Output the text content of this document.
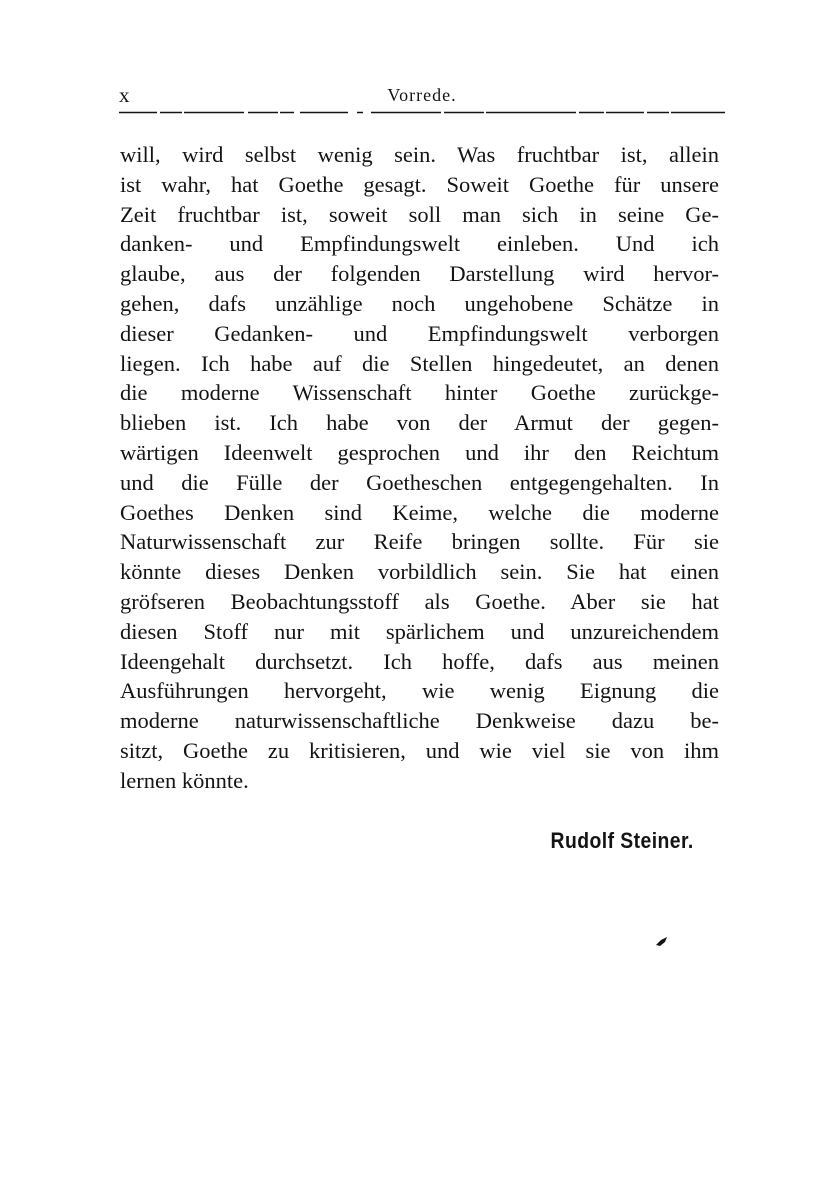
x	Vorrede.
will, wird selbst wenig sein. Was fruchtbar ist, allein
ist wahr, hat Goethe gesagt. Soweit Goethe für unsere
Zeit fruchtbar ist, soweit soll man sich in seine Ge-
danken- und Empfindungswelt einleben. Und ich
glaube, aus der folgenden Darstellung wird hervor-
gehen, dafs unzählige noch ungehobene Schätze in
dieser Gedanken- und Empfindungswelt verborgen
liegen. Ich habe auf die Stellen hingedeutet, an denen
die moderne Wissenschaft hinter Goethe zurückge-
blieben ist. Ich habe von der Armut der gegen-
wärtigen Ideenwelt gesprochen und ihr den Reichtum
und die Fülle der Goetheschen entgegengehalten. In
Goethes Denken sind Keime, welche die moderne
Naturwissenschaft zur Reife bringen sollte. Für sie
könnte dieses Denken vorbildlich sein. Sie hat einen
gröfseren Beobachtungsstoff als Goethe. Aber sie hat
diesen Stoff nur mit spärlichem und unzureichendem
Ideengehalt durchsetzt. Ich hoffe, dafs aus meinen
Ausführungen hervorgeht, wie wenig Eignung die
moderne naturwissenschaftliche Denkweise dazu be-
sitzt, Goethe zu kritisieren, und wie viel sie von ihm
lernen könnte.
Rudolf Steiner.
